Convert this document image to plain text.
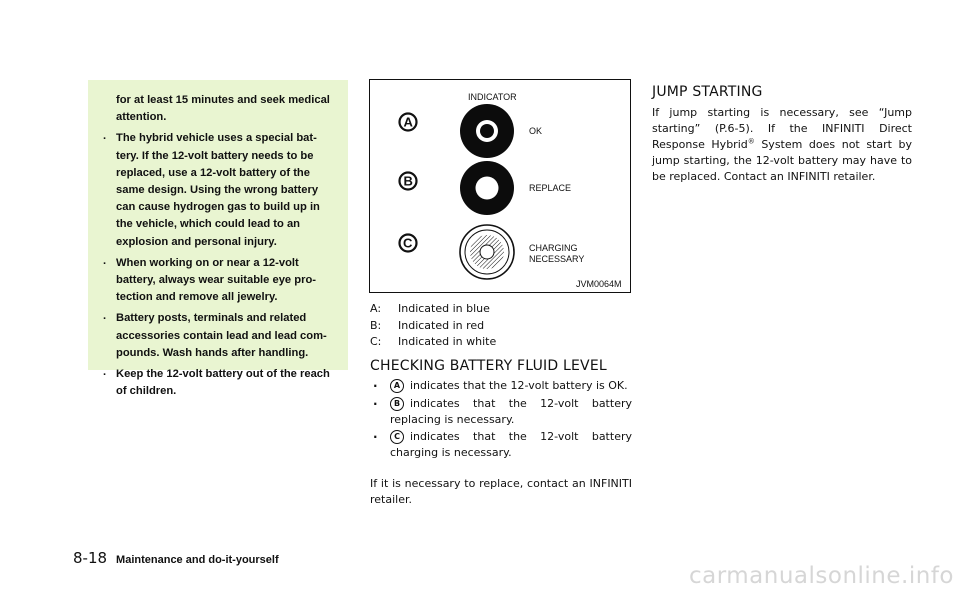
for at least 15 minutes and seek medical attention.

. The hybrid vehicle uses a special bat-tery. If the 12-volt battery needs to be replaced, use a 12-volt battery of the same design. Using the wrong battery can cause hydrogen gas to build up in the vehicle, which could lead to an explosion and personal injury.
. When working on or near a 12-volt battery, always wear suitable eye pro-tection and remove all jewelry.
. Battery posts, terminals and related accessories contain lead and lead com-pounds. Wash hands after handling.
. Keep the 12-volt battery out of the reach of children.
INDICATOR
A
OK
B	REPLACE
C	CHARGING
NECESSARY
JVM0064M
A:	Indicated in blue
B:	Indicated in red
C:	Indicated in white
CHECKING BATTERY FLUID LEVEL
. A indicates that the 12-volt battery is OK.
. B indicates that the 12-volt battery replacing is necessary.
. C indicates that the 12-volt battery charging is necessary.

If it is necessary to replace, contact an INFINITI retailer.

JUMP STARTING

If jump starting is necessary, see “Jump starting” (P.6-5). If the INFINITI Direct Response Hybrid® System does not start by jump starting, the 12-volt battery may have to be replaced. Contact an INFINITI retailer.

8-18 Maintenance and do-it-yourself
carmanualsonline.info
